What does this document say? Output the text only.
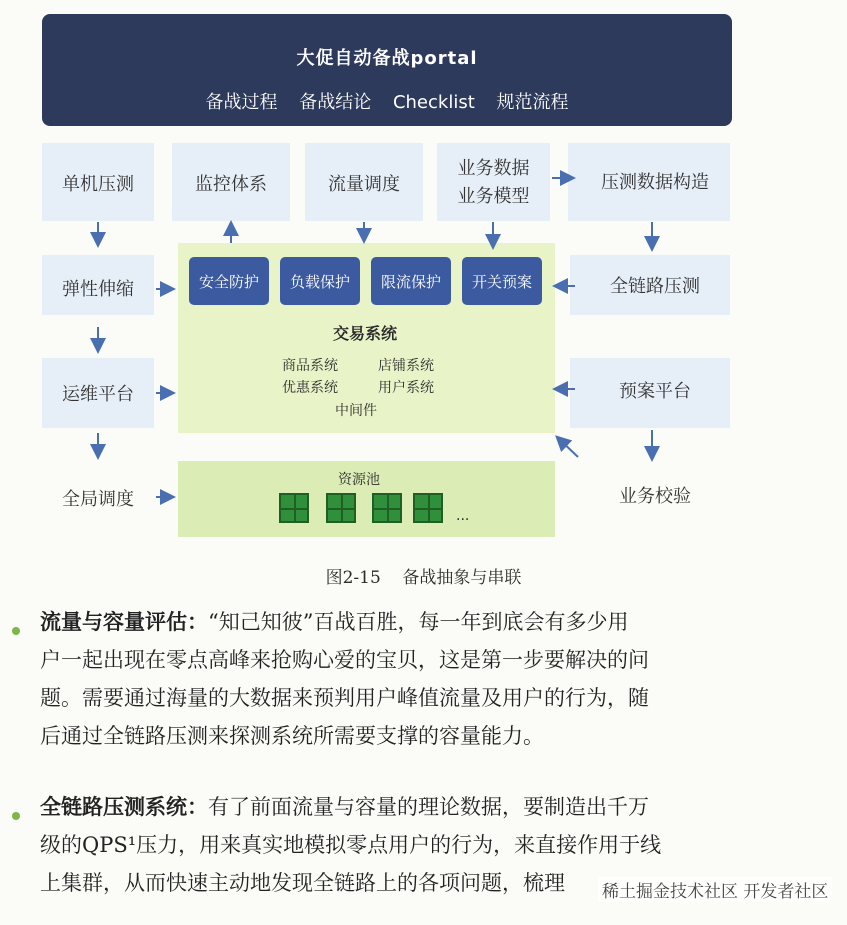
大促自动备战portal
备战过程 备战结论 Checklist 规范流程
单机压测
弹性伸缩
运维平台
全局调度
监控体系	流量调度
业务数据
业务模型
压测数据构造
全链路压测
预案平台
业务校验
安全防护	负载保护	限流保护	开关预案
交易系统
商品系统	店铺系统
优惠系统	用户系统
中间件
资源池
...
图2-15    备战抽象与串联
流量与容量评估：“知己知彼”百战百胜，每一年到底会有多少用
户一起出现在零点高峰来抢购心爱的宝贝，这是第一步要解决的问
题。需要通过海量的大数据来预判用户峰值流量及用户的行为，随
后通过全链路压测来探测系统所需要支撑的容量能力。
全链路压测系统：有了前面流量与容量的理论数据，要制造出千万
级的QPS¹压力，用来真实地模拟零点用户的行为，来直接作用于线
上集群，从而快速主动地发现全链路上的各项问题，梳理	稀土掘金技术社区 开发者社区
